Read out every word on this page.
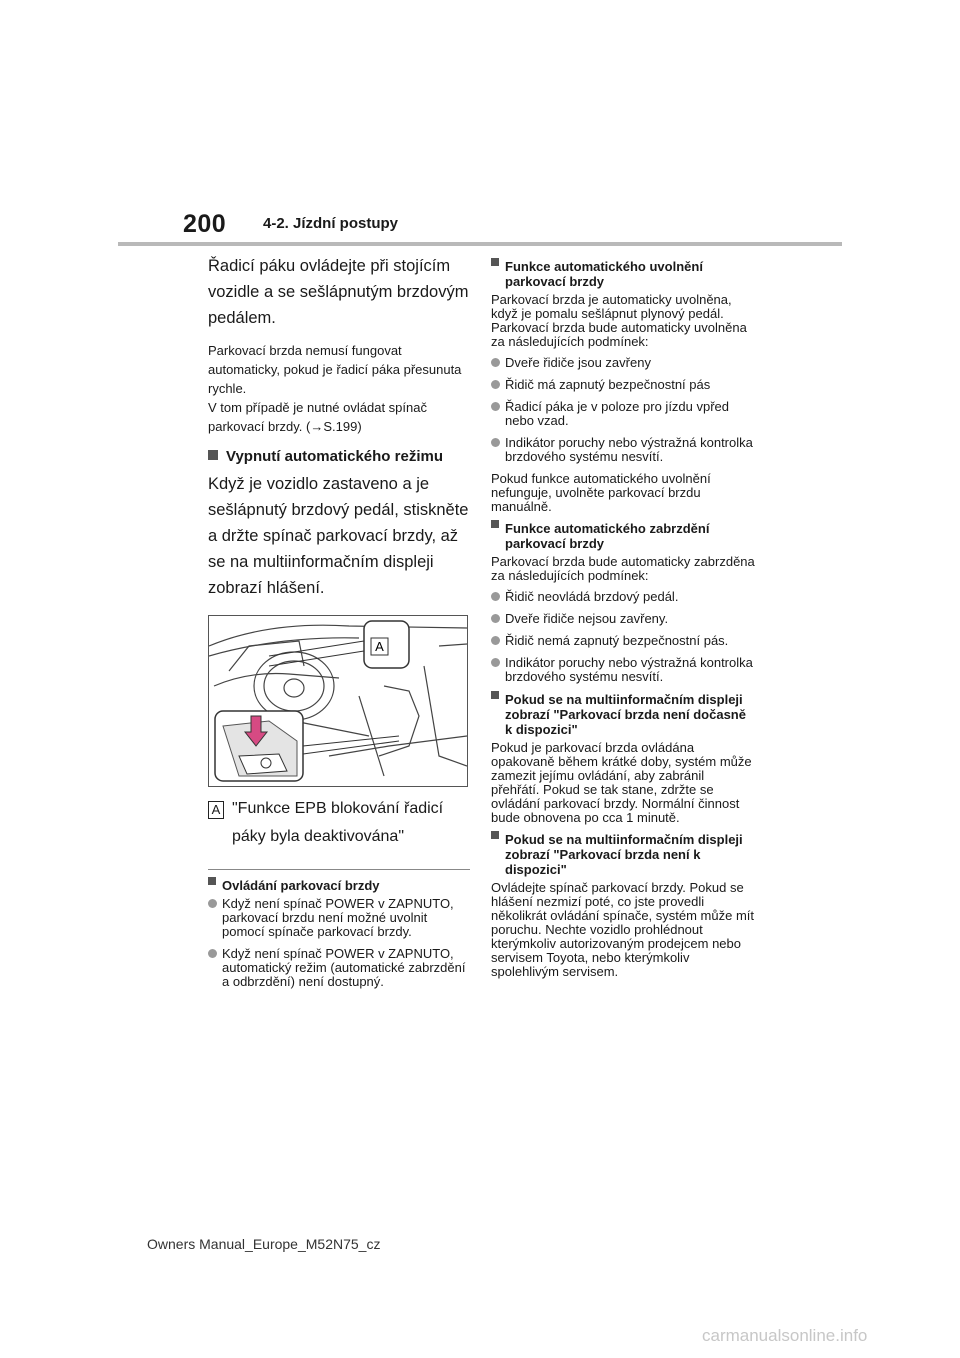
200 4-2. Jízdní postupy

Řadicí páku ovládejte při stojícím vozidle a se sešlápnutým brzdovým pedálem.

Parkovací brzda nemusí fungovat automaticky, pokud je řadicí páka přesunuta rychle.
V tom případě je nutné ovládat spínač parkovací brzdy. (→S.199)

Vypnutí automatického režimu

Když je vozidlo zastaveno a je sešlápnutý brzdový pedál, stiskněte a držte spínač parkovací brzdy, až se na multiinformačním displeji zobrazí hlášení.

A
A "Funkce EPB blokování řadicí páky byla deaktivována"
Ovládání parkovací brzdy
Když není spínač POWER v ZAPNUTO, parkovací brzdu není možné uvolnit pomocí spínače parkovací brzdy.
Když není spínač POWER v ZAPNUTO, automatický režim (automatické zabrzdění a odbrzdění) není dostupný.
Funkce automatického uvolnění parkovací brzdy

Parkovací brzda je automaticky uvolněna, když je pomalu sešlápnut plynový pedál.
Parkovací brzda bude automaticky uvolněna za následujících podmínek:

Dveře řidiče jsou zavřeny
Řidič má zapnutý bezpečnostní pás
Řadicí páka je v poloze pro jízdu vpřed nebo vzad.
Indikátor poruchy nebo výstražná kontrolka brzdového systému nesvítí.

Pokud funkce automatického uvolnění nefunguje, uvolněte parkovací brzdu manuálně.

Funkce automatického zabrzdění parkovací brzdy

Parkovací brzda bude automaticky zabrzděna za následujících podmínek:

Řidič neovládá brzdový pedál.
Dveře řidiče nejsou zavřeny.
Řidič nemá zapnutý bezpečnostní pás.
Indikátor poruchy nebo výstražná kontrolka brzdového systému nesvítí.
Pokud se na multiinformačním displeji zobrazí "Parkovací brzda není dočasně k dispozici"

Pokud je parkovací brzda ovládána opakovaně během krátké doby, systém může zamezit jejímu ovládání, aby zabránil přehřátí. Pokud se tak stane, zdržte se ovládání parkovací brzdy. Normální činnost bude obnovena po cca 1 minutě.

Pokud se na multiinformačním displeji zobrazí "Parkovací brzda není k dispozici"

Ovládejte spínač parkovací brzdy. Pokud se hlášení nezmizí poté, co jste provedli několikrát ovládání spínače, systém může mít poruchu. Nechte vozidlo prohlédnout kterýmkoliv autorizovaným prodejcem nebo servisem Toyota, nebo kterýmkoliv spolehlivým servisem.

Owners Manual_Europe_M52N75_cz
carmanualsonline.info
